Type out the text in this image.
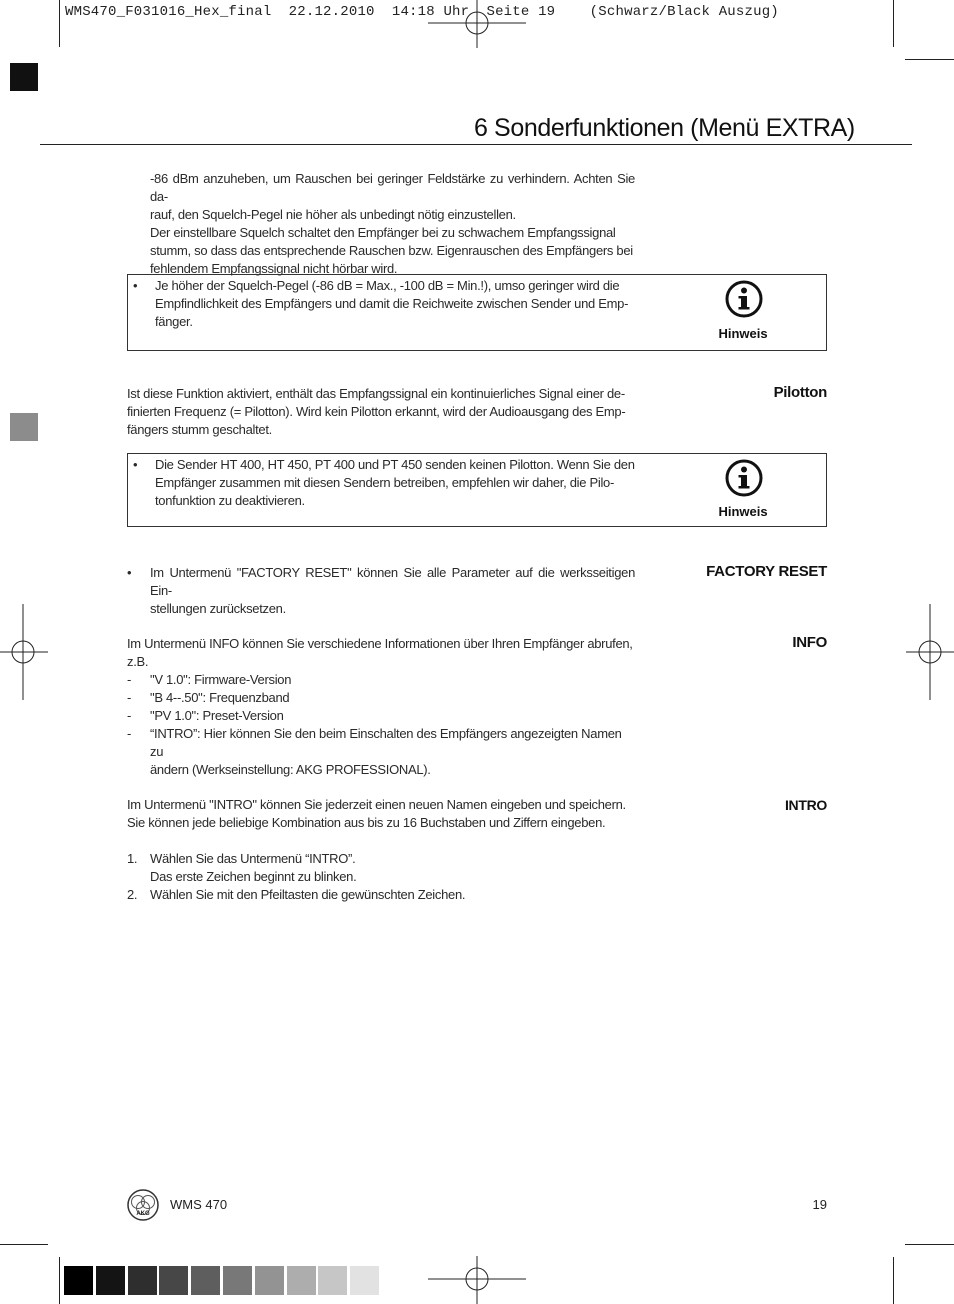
WMS470_F031016_Hex_final  22.12.2010  14:18 Uhr  Seite 19    (Schwarz/Black Auszug)
6 Sonderfunktionen (Menü EXTRA)

-86 dBm anzuheben, um Rauschen bei geringer Feldstärke zu verhindern. Achten Sie da-

rauf, den Squelch-Pegel nie höher als unbedingt nötig einzustellen.

Der einstellbare Squelch schaltet den Empfänger bei zu schwachem Empfangssignal

stumm, so dass das entsprechende Rauschen bzw. Eigenrauschen des Empfängers bei

fehlendem Empfangssignal nicht hörbar wird.

•	Je höher der Squelch-Pegel (-86 dB = Max., -100 dB = Min.!), umso geringer wird die

Empfindlichkeit des Empfängers und damit die Reichweite zwischen Sender und Emp-

fänger.

Hinweis
Pilotton

Ist diese Funktion aktiviert, enthält das Empfangssignal ein kontinuierliches Signal einer de-

finierten Frequenz (= Pilotton). Wird kein Pilotton erkannt, wird der Audioausgang des Emp-

fängers stumm geschaltet.

•	Die Sender HT 400, HT 450, PT 400 und PT 450 senden keinen Pilotton. Wenn Sie den

Empfänger zusammen mit diesen Sendern betreiben, empfehlen wir daher, die Pilo-

tonfunktion zu deaktivieren.

Hinweis
FACTORY RESET
•	Im Untermenü "FACTORY RESET" können Sie alle Parameter auf die werksseitigen Ein-

stellungen zurücksetzen.

INFO

Im Untermenü INFO können Sie verschiedene Informationen über Ihren Empfänger abrufen,

z.B.

-	"V 1.0": Firmware-Version
-	"B 4--.50": Frequenzband
-	"PV 1.0": Preset-Version
-	“INTRO”: Hier können Sie den beim Einschalten des Empfängers angezeigten Namen zu

ändern (Werkseinstellung: AKG PROFESSIONAL).

INTRO

Im Untermenü "INTRO" können Sie jederzeit einen neuen Namen eingeben und speichern.

Sie können jede beliebige Kombination aus bis zu 16 Buchstaben und Ziffern eingeben.

1. Wählen Sie das Untermenü “INTRO”.

Das erste Zeichen beginnt zu blinken.

2. Wählen Sie mit den Pfeiltasten die gewünschten Zeichen.

AKG
WMS 470	19
